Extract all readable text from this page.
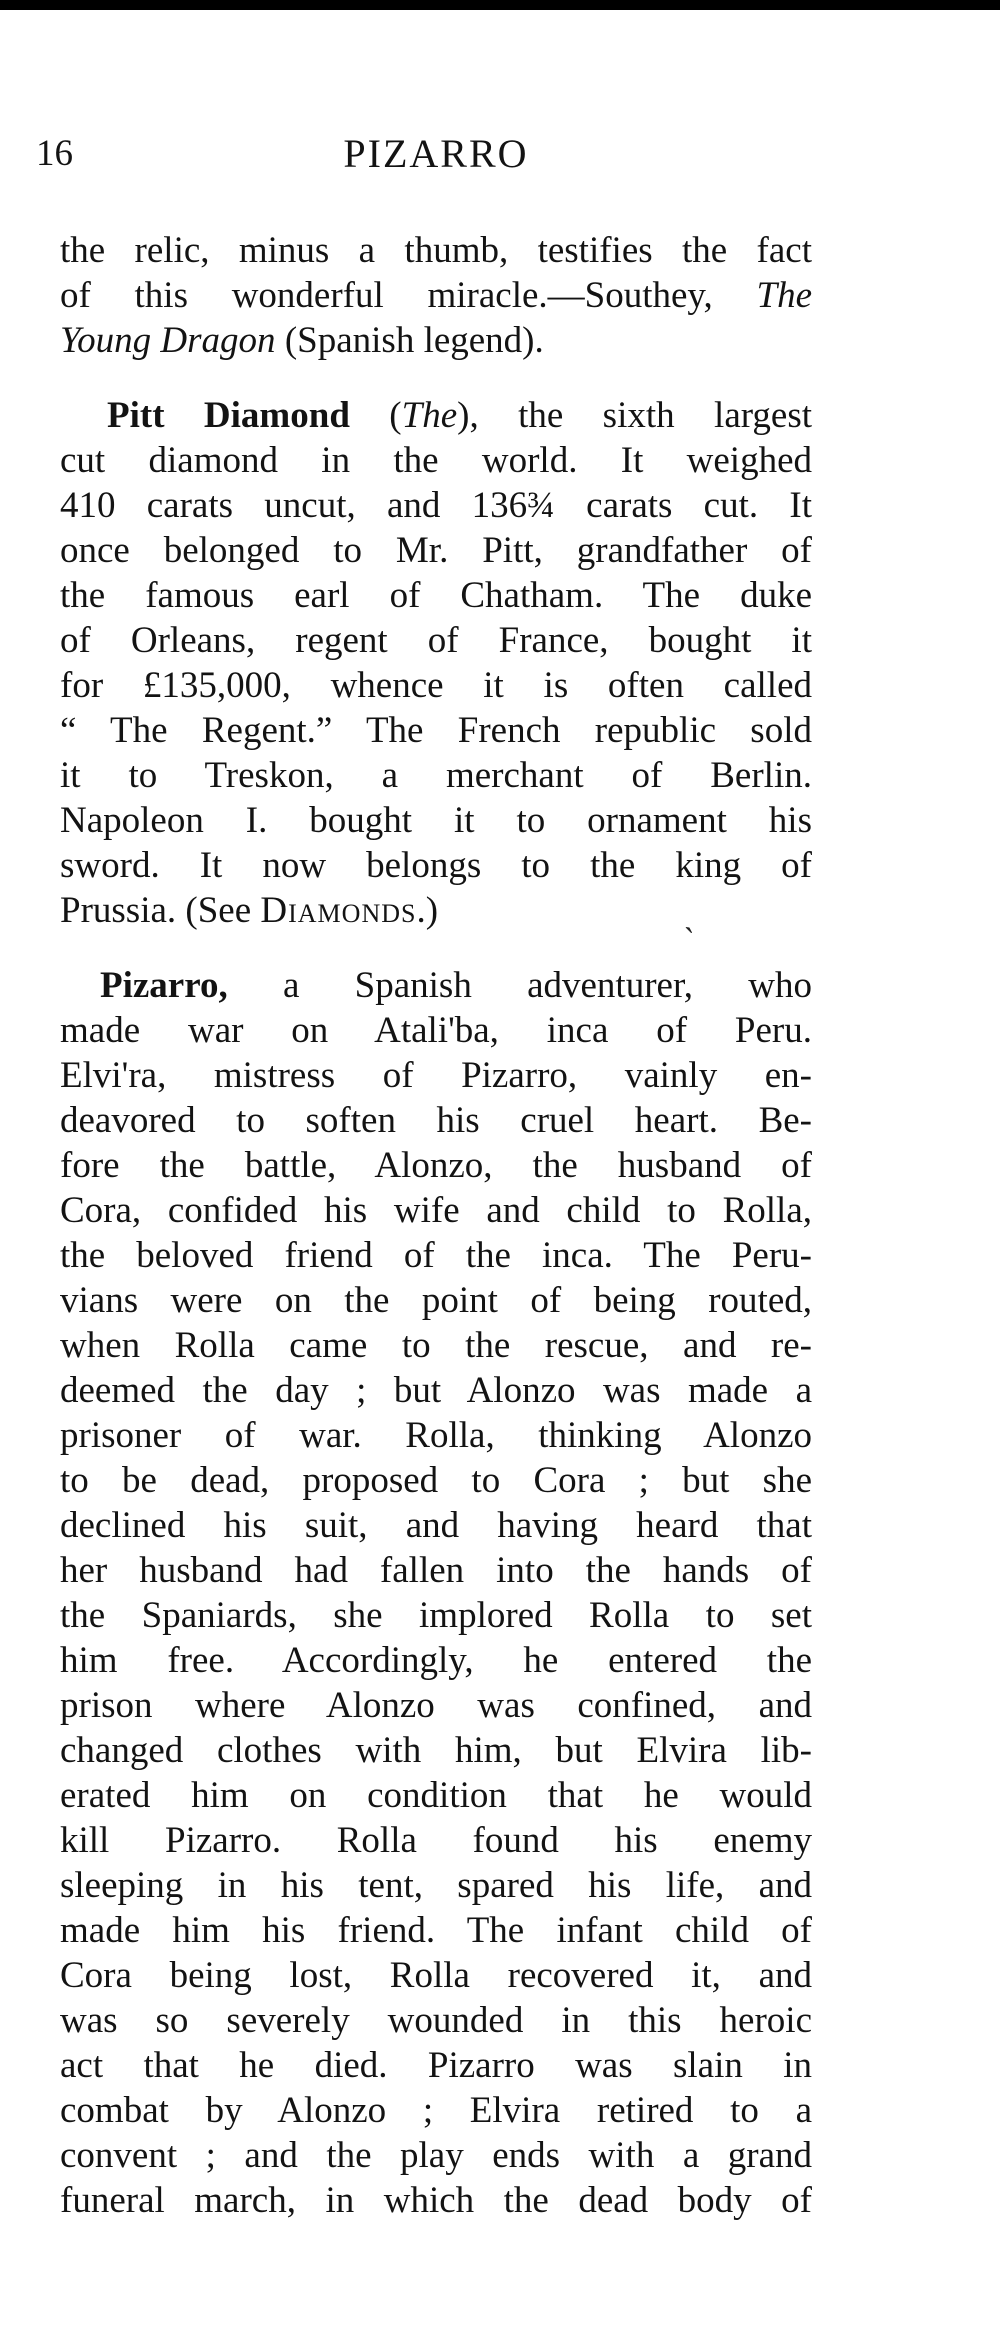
16	PIZARRO
the relic, minus a thumb, testifies the fact
of this wonderful miracle.—Southey, The
Young Dragon (Spanish legend).
Pitt Diamond (The), the sixth largest
cut diamond in the world. It weighed
410 carats uncut, and 136¾ carats cut. It
once belonged to Mr. Pitt, grandfather of
the famous earl of Chatham. The duke
of Orleans, regent of France, bought it
for £135,000, whence it is often called
“ The Regent.” The French republic sold
it to Treskon, a merchant of Berlin.
Napoleon I. bought it to ornament his
sword. It now belongs to the king of
Prussia. (See Diamonds.)
Pizarro, a Spanish adventurer, who
made war on Atali'ba, inca of Peru.
Elvi'ra, mistress of Pizarro, vainly en-
deavored to soften his cruel heart. Be-
fore the battle, Alonzo, the husband of
Cora, confided his wife and child to Rolla,
the beloved friend of the inca. The Peru-
vians were on the point of being routed,
when Rolla came to the rescue, and re-
deemed the day ; but Alonzo was made a
prisoner of war. Rolla, thinking Alonzo
to be dead, proposed to Cora ; but she
declined his suit, and having heard that
her husband had fallen into the hands of
the Spaniards, she implored Rolla to set
him free. Accordingly, he entered the
prison where Alonzo was confined, and
changed clothes with him, but Elvira lib-
erated him on condition that he would
kill Pizarro. Rolla found his enemy
sleeping in his tent, spared his life, and
made him his friend. The infant child of
Cora being lost, Rolla recovered it, and
was so severely wounded in this heroic
act that he died. Pizarro was slain in
combat by Alonzo ; Elvira retired to a
convent ; and the play ends with a grand
funeral march, in which the dead body of
ˋ
